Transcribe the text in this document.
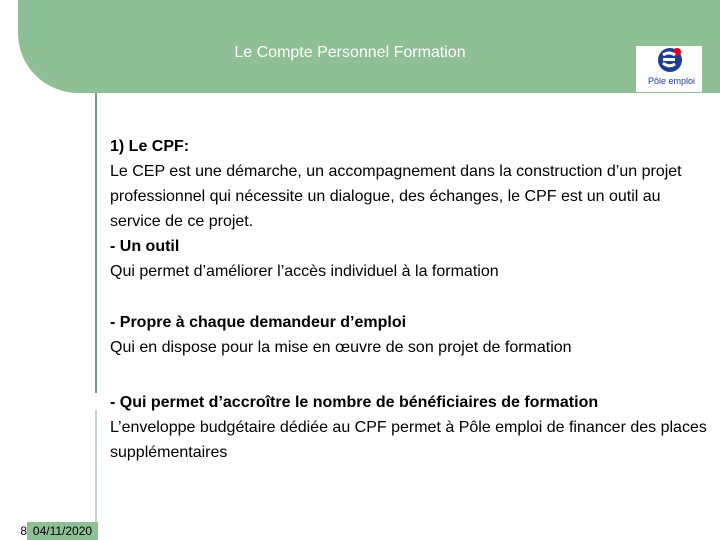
Le Compte Personnel Formation
Pôle emploi

1) Le CPF:

Le CEP est une démarche, un accompagnement dans la construction d’un projet professionnel qui nécessite un dialogue, des échanges, le CPF est un outil au service de ce projet.

- Un outil

Qui permet d’améliorer l’accès individuel à la formation

- Propre à chaque demandeur d’emploi

Qui en dispose pour la mise en œuvre de son projet de formation

- Qui permet d’accroître le nombre de bénéficiaires de formation

L’enveloppe budgétaire dédiée au CPF permet à Pôle emploi de financer des places supplémentaires

8 04/11/2020
